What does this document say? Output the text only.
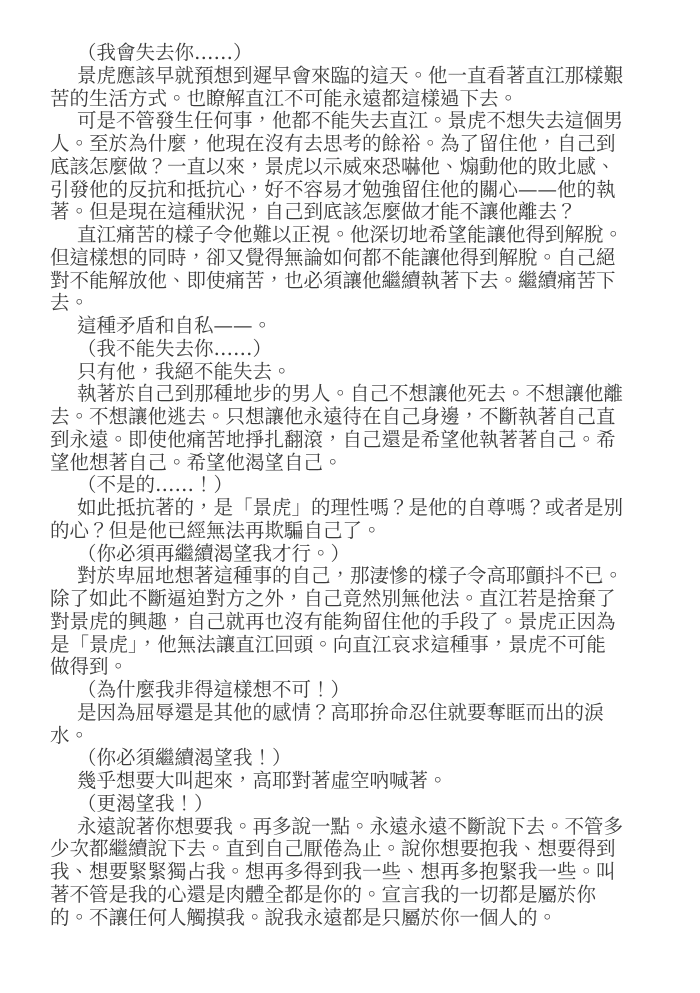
（我會失去你……）
景虎應該早就預想到遲早會來臨的這天。他一直看著直江那樣艱
苦的生活方式。也瞭解直江不可能永遠都這樣過下去。
可是不管發生任何事，他都不能失去直江。景虎不想失去這個男
人。至於為什麼，他現在沒有去思考的餘裕。為了留住他，自己到
底該怎麼做？一直以來，景虎以示威來恐嚇他、煽動他的敗北感、
引發他的反抗和抵抗心，好不容易才勉強留住他的關心——他的執
著。但是現在這種狀況，自己到底該怎麼做才能不讓他離去？
直江痛苦的樣子令他難以正視。他深切地希望能讓他得到解脫。
但這樣想的同時，卻又覺得無論如何都不能讓他得到解脫。自己絕
對不能解放他、即使痛苦，也必須讓他繼續執著下去。繼續痛苦下
去。
這種矛盾和自私——。
（我不能失去你……）
只有他，我絕不能失去。
執著於自己到那種地步的男人。自己不想讓他死去。不想讓他離
去。不想讓他逃去。只想讓他永遠待在自己身邊，不斷執著自己直
到永遠。即使他痛苦地掙扎翻滾，自己還是希望他執著著自己。希
望他想著自己。希望他渴望自己。
（不是的……！）
如此抵抗著的，是「景虎」的理性嗎？是他的自尊嗎？或者是別
的心？但是他已經無法再欺騙自己了。
（你必須再繼續渴望我才行。）
對於卑屈地想著這種事的自己，那淒慘的樣子令高耶顫抖不已。
除了如此不斷逼迫對方之外，自己竟然別無他法。直江若是捨棄了
對景虎的興趣，自己就再也沒有能夠留住他的手段了。景虎正因為
是「景虎」，他無法讓直江回頭。向直江哀求這種事，景虎不可能
做得到。
（為什麼我非得這樣想不可！）
是因為屈辱還是其他的感情？高耶拚命忍住就要奪眶而出的淚
水。
（你必須繼續渴望我！）
幾乎想要大叫起來，高耶對著虛空吶喊著。
（更渴望我！）
永遠說著你想要我。再多說一點。永遠永遠不斷說下去。不管多
少次都繼續說下去。直到自己厭倦為止。說你想要抱我、想要得到
我、想要緊緊獨占我。想再多得到我一些、想再多抱緊我一些。叫
著不管是我的心還是肉體全都是你的。宣言我的一切都是屬於你
的。不讓任何人觸摸我。說我永遠都是只屬於你一個人的。
